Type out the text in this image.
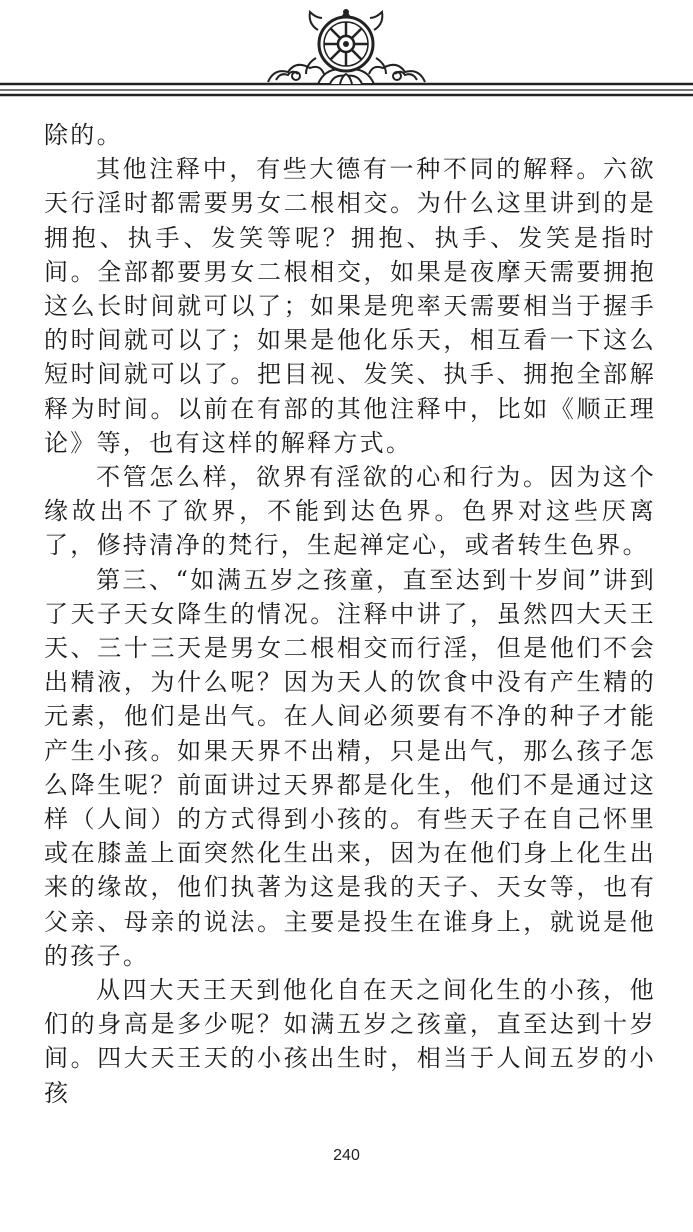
除的。

其他注释中，有些大德有一种不同的解释。六欲天行淫时都需要男女二根相交。为什么这里讲到的是拥抱、执手、发笑等呢？拥抱、执手、发笑是指时间。全部都要男女二根相交，如果是夜摩天需要拥抱这么长时间就可以了；如果是兜率天需要相当于握手的时间就可以了；如果是他化乐天，相互看一下这么短时间就可以了。把目视、发笑、执手、拥抱全部解释为时间。以前在有部的其他注释中，比如《顺正理论》等，也有这样的解释方式。

不管怎么样，欲界有淫欲的心和行为。因为这个缘故出不了欲界，不能到达色界。色界对这些厌离了，修持清净的梵行，生起禅定心，或者转生色界。

第三、“如满五岁之孩童，直至达到十岁间”讲到了天子天女降生的情况。注释中讲了，虽然四大天王天、三十三天是男女二根相交而行淫，但是他们不会出精液，为什么呢？因为天人的饮食中没有产生精的元素，他们是出气。在人间必须要有不净的种子才能产生小孩。如果天界不出精，只是出气，那么孩子怎么降生呢？前面讲过天界都是化生，他们不是通过这样（人间）的方式得到小孩的。有些天子在自己怀里或在膝盖上面突然化生出来，因为在他们身上化生出来的缘故，他们执著为这是我的天子、天女等，也有父亲、母亲的说法。主要是投生在谁身上，就说是他的孩子。

从四大天王天到他化自在天之间化生的小孩，他们的身高是多少呢？如满五岁之孩童，直至达到十岁间。四大天王天的小孩出生时，相当于人间五岁的小孩

240
